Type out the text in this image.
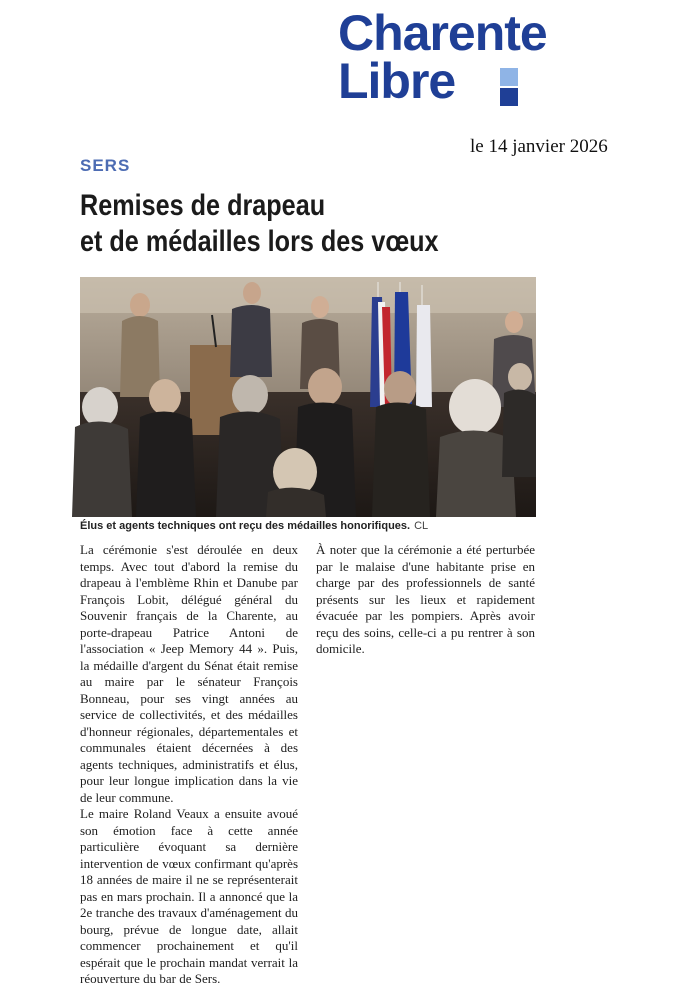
Charente
Libre
le 14 janvier 2026
SERS
Remises de drapeau
et de médailles lors des vœux
Élus et agents techniques ont reçu des médailles honorifiques. CL

La cérémonie s'est déroulée en deux temps. Avec tout d'abord la remise du drapeau à l'emblème Rhin et Danube par François Lobit, délégué général du Souvenir français de la Charente, au porte-drapeau Patrice Antoni de l'association « Jeep Memory 44 ». Puis, la médaille d'argent du Sénat était remise au maire par le sénateur François Bonneau, pour ses vingt années au service de collectivités, et des médailles d'honneur régionales, départementales et communales étaient décernées à des agents techniques, administratifs et élus, pour leur longue implication dans la vie de leur commune.

Le maire Roland Veaux a ensuite avoué son émotion face à cette année particulière évoquant sa dernière intervention de vœux confirmant qu'après 18 années de maire il ne se représenterait pas en mars prochain. Il a annoncé que la 2e tranche des travaux d'aménagement du bourg, prévue de longue date, allait commencer prochainement et qu'il espérait que le prochain mandat verrait la réouverture du bar de Sers.

À noter que la cérémonie a été perturbée par le malaise d'une habitante prise en charge par des professionnels de santé présents sur les lieux et rapidement évacuée par les pompiers. Après avoir reçu des soins, celle-ci a pu rentrer à son domicile.
